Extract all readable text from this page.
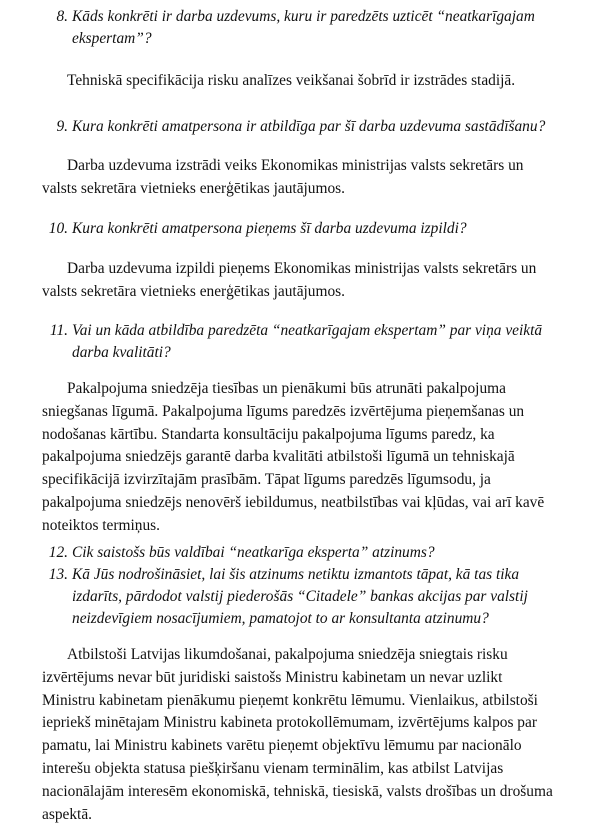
8. Kāds konkrēti ir darba uzdevums, kuru ir paredzēts uzticēt “neatkarīgajam
ekspertam”?
Tehniskā specifikācija risku analīzes veikšanai šobrīd ir izstrādes stadijā.
9. Kura konkrēti amatpersona ir atbildīga par šī darba uzdevuma sastādīšanu?
Darba uzdevuma izstrādi veiks Ekonomikas ministrijas valsts sekretārs un
valsts sekretāra vietnieks enerģētikas jautājumos.
10. Kura konkrēti amatpersona pieņems šī darba uzdevuma izpildi?
Darba uzdevuma izpildi pieņems Ekonomikas ministrijas valsts sekretārs un
valsts sekretāra vietnieks enerģētikas jautājumos.
11. Vai un kāda atbildība paredzēta “neatkarīgajam ekspertam” par viņa veiktā
darba kvalitāti?
Pakalpojuma sniedzēja tiesības un pienākumi būs atrunāti pakalpojuma
sniegšanas līgumā. Pakalpojuma līgums paredzēs izvērtējuma pieņemšanas un
nodošanas kārtību. Standarta konsultāciju pakalpojuma līgums paredz, ka
pakalpojuma sniedzējs garantē darba kvalitāti atbilstoši līgumā un tehniskajā
specifikācijā izvirzītajām prasībām. Tāpat līgums paredzēs līgumsodu, ja
pakalpojuma sniedzējs nenovērš iebildumus, neatbilstības vai kļūdas, vai arī kavē
noteiktos termiņus.
12. Cik saistošs būs valdībai “neatkarīga eksperta” atzinums?
13. Kā Jūs nodrošināsiet, lai šis atzinums netiktu izmantots tāpat, kā tas tika
izdarīts, pārdodot valstij piederošās “Citadele” bankas akcijas par valstij
neizdevīgiem nosacījumiem, pamatojot to ar konsultanta atzinumu?
Atbilstoši Latvijas likumdošanai, pakalpojuma sniedzēja sniegtais risku
izvērtējums nevar būt juridiski saistošs Ministru kabinetam un nevar uzlikt
Ministru kabinetam pienākumu pieņemt konkrētu lēmumu. Vienlaikus, atbilstoši
iepriekš minētajam Ministru kabineta protokollēmumam, izvērtējums kalpos par
pamatu, lai Ministru kabinets varētu pieņemt objektīvu lēmumu par nacionālo
interešu objekta statusa piešķiršanu vienam terminālim, kas atbilst Latvijas
nacionālajām interesēm ekonomiskā, tehniskā, tiesiskā, valsts drošības un drošuma
aspektā.
